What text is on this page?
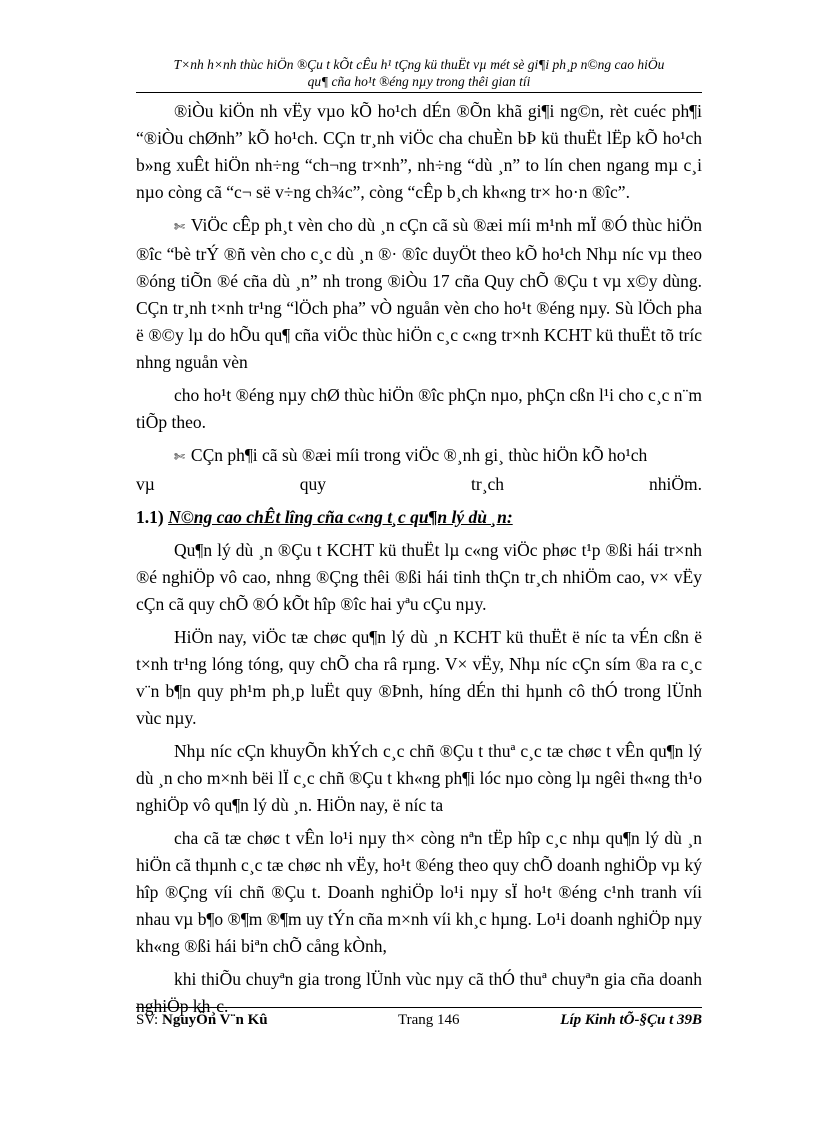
T×nh h×nh thùc hiÖn ®Çu t kÕt cÊu h¹ tÇng kü thuËt vµ mét sè gi¶i ph¸p n©ng cao hiÖu
qu¶ cña ho¹t ®éng nµy trong thêi gian tíi

®iÒu kiÖn nh vËy vµo kÕ ho¹ch dÉn ®Õn khã gi¶i ng©n, rèt cuéc ph¶i “®iÒu chØnh” kÕ ho¹ch. CÇn tr¸nh viÖc cha chuÈn bÞ kü thuËt lËp kÕ ho¹ch b»ng xuÊt hiÖn nh÷ng “ch¬ng tr×nh”, nh÷ng “dù ¸n” to lín chen ngang mµ c¸i nµo còng cã “c¬ së v÷ng ch¾c”, còng “cÊp b¸ch kh«ng tr× ho·n ®îc”.

✄ ViÖc cÊp ph¸t vèn cho dù ¸n cÇn cã sù ®æi míi m¹nh mÏ ®Ó thùc hiÖn ®îc “bè trÝ ®ñ vèn cho c¸c dù ¸n ®· ®îc duyÖt theo kÕ ho¹ch Nhµ níc vµ theo ®óng tiÕn ®é cña dù ¸n” nh trong ®iÒu 17 cña Quy chÕ ®Çu t vµ x©y dùng. CÇn tr¸nh t×nh tr¹ng “lÖch pha” vÒ nguån vèn cho ho¹t ®éng nµy. Sù lÖch pha ë ®©y lµ do hÕu qu¶ cña viÖc thùc hiÖn c¸c c«ng tr×nh KCHT kü thuËt tõ tríc nhng nguån vèn

cho ho¹t ®éng nµy chØ thùc hiÖn ®îc phÇn nµo, phÇn cßn l¹i cho c¸c n¨m tiÕp theo.

✄ CÇn ph¶i cã sù ®æi míi trong viÖc ®¸nh gi¸ thùc hiÖn kÕ ho¹ch

vµ quy tr¸ch nhiÖm.

1.1) N©ng cao chÊt lîng cña c«ng t¸c qu¶n lý dù ¸n:

Qu¶n lý dù ¸n ®Çu t KCHT kü thuËt lµ c«ng viÖc phøc t¹p ®ßi hái tr×nh ®é nghiÖp vô cao, nhng ®Çng thêi ®ßi hái tinh thÇn tr¸ch nhiÖm cao, v× vËy cÇn cã quy chÕ ®Ó kÕt hîp ®îc hai yªu cÇu nµy.

HiÖn nay, viÖc tæ chøc qu¶n lý dù ¸n KCHT kü thuËt ë níc ta vÉn cßn ë t×nh tr¹ng lóng tóng, quy chÕ cha râ rµng. V× vËy, Nhµ níc cÇn sím ®a ra c¸c v¨n b¶n quy ph¹m ph¸p luËt quy ®Þnh, híng dÉn thi hµnh cô thÓ trong lÜnh vùc nµy.

Nhµ níc cÇn khuyÕn khÝch c¸c chñ ®Çu t thuª c¸c tæ chøc t vÊn qu¶n lý dù ¸n cho m×nh bëi lÏ c¸c chñ ®Çu t kh«ng ph¶i lóc nµo còng lµ ngêi th«ng th¹o nghiÖp vô qu¶n lý dù ¸n. HiÖn nay, ë níc ta

cha cã tæ chøc t vÊn lo¹i nµy th× còng nªn tËp hîp c¸c nhµ qu¶n lý dù ¸n hiÖn cã thµnh c¸c tæ chøc nh vËy, ho¹t ®éng theo quy chÕ doanh nghiÖp vµ ký hîp ®Çng víi chñ ®Çu t. Doanh nghiÖp lo¹i nµy sÏ ho¹t ®éng c¹nh tranh víi nhau vµ b¶o ®¶m ®¶m uy tÝn cña m×nh víi kh¸c hµng. Lo¹i doanh nghiÖp nµy kh«ng ®ßi hái biªn chÕ cång kÒnh,

khi thiÕu chuyªn gia trong lÜnh vùc nµy cã thÓ thuª chuyªn gia cña doanh nghiÖp kh¸c.

SV: NguyÔn V¨n Kû	Trang 146	Líp Kinh tÕ-§Çu t 39B
